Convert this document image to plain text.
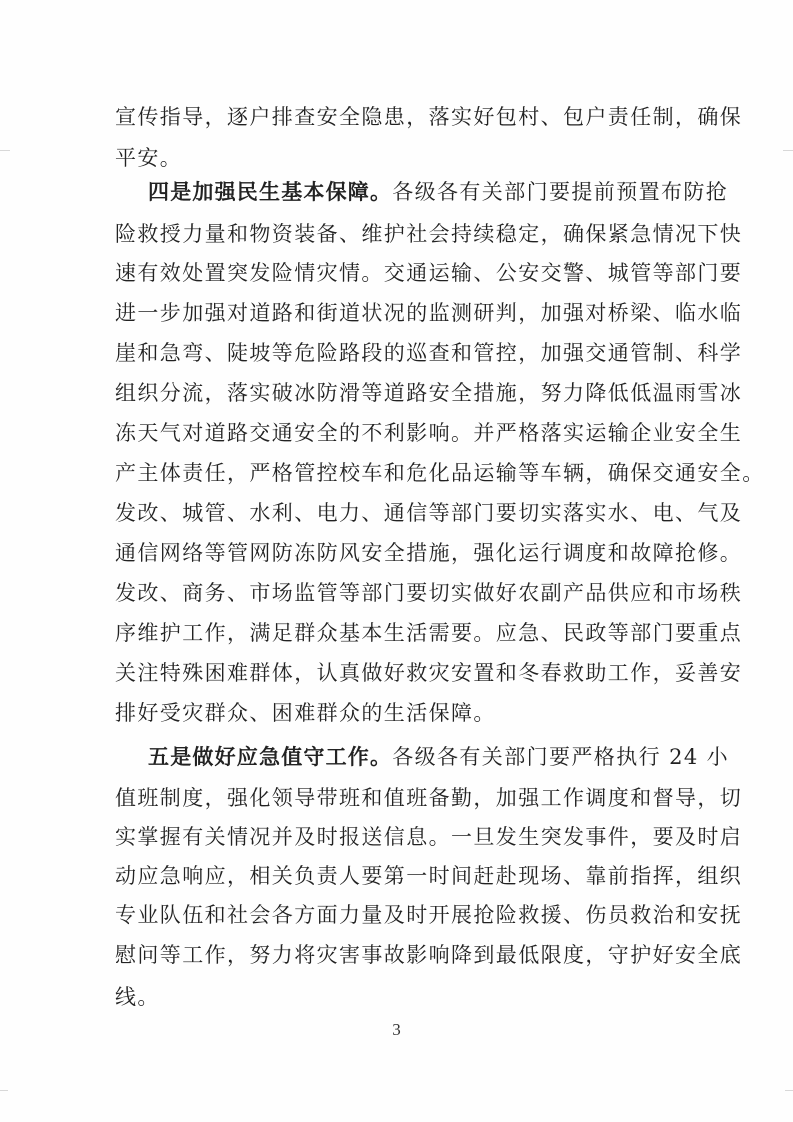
宣传指导，逐户排查安全隐患，落实好包村、包户责任制，确保
平安。
四是加强民生基本保障。各级各有关部门要提前预置布防抢
险救授力量和物资装备、维护社会持续稳定，确保紧急情况下快
速有效处置突发险情灾情。交通运输、公安交警、城管等部门要
进一步加强对道路和街道状况的监测研判，加强对桥梁、临水临
崖和急弯、陡坡等危险路段的巡查和管控，加强交通管制、科学
组织分流，落实破冰防滑等道路安全措施，努力降低低温雨雪冰
冻天气对道路交通安全的不利影响。并严格落实运输企业安全生
产主体责任，严格管控校车和危化品运输等车辆，确保交通安全。
发改、城管、水利、电力、通信等部门要切实落实水、电、气及
通信网络等管网防冻防风安全措施，强化运行调度和故障抢修。
发改、商务、市场监管等部门要切实做好农副产品供应和市场秩
序维护工作，满足群众基本生活需要。应急、民政等部门要重点
关注特殊困难群体，认真做好救灾安置和冬春救助工作，妥善安
排好受灾群众、困难群众的生活保障。
五是做好应急值守工作。各级各有关部门要严格执行 24 小
值班制度，强化领导带班和值班备勤，加强工作调度和督导，切
实掌握有关情况并及时报送信息。一旦发生突发事件，要及时启
动应急响应，相关负责人要第一时间赶赴现场、靠前指挥，组织
专业队伍和社会各方面力量及时开展抢险救援、伤员救治和安抚
慰问等工作，努力将灾害事故影响降到最低限度，守护好安全底
线。
3
